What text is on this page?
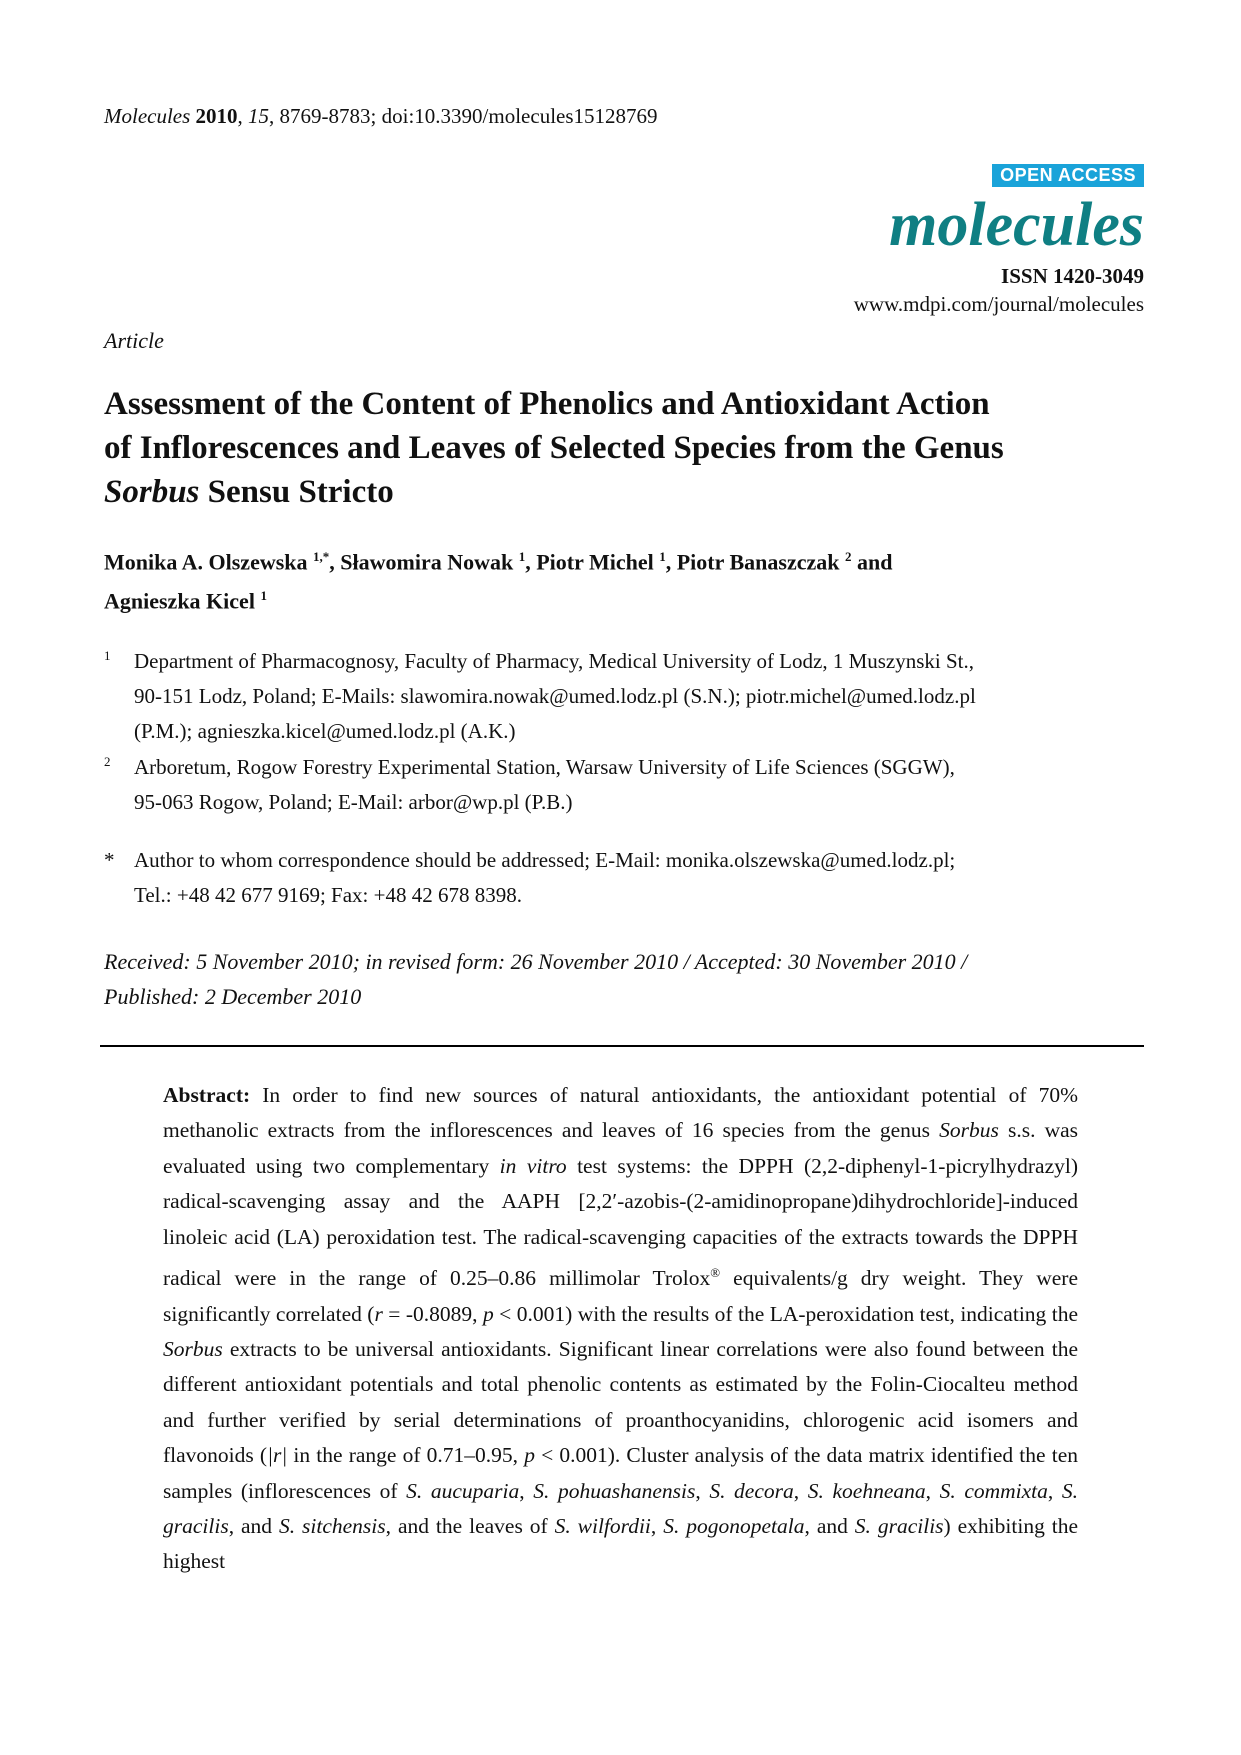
Molecules 2010, 15, 8769-8783; doi:10.3390/molecules15128769
OPEN ACCESS
molecules
ISSN 1420-3049
www.mdpi.com/journal/molecules
Article
Assessment of the Content of Phenolics and Antioxidant Action
of Inflorescences and Leaves of Selected Species from the Genus
Sorbus Sensu Stricto
Monika A. Olszewska $^{1,*}$, Sławomira Nowak $^1$, Piotr Michel $^1$, Piotr Banaszczak $^2$ and
Agnieszka Kicel $^1$
1 Department of Pharmacognosy, Faculty of Pharmacy, Medical University of Lodz, 1 Muszynski St.,
90-151 Lodz, Poland; E-Mails: slawomira.nowak@umed.lodz.pl (S.N.); piotr.michel@umed.lodz.pl
(P.M.); agnieszka.kicel@umed.lodz.pl (A.K.)
2 Arboretum, Rogow Forestry Experimental Station, Warsaw University of Life Sciences (SGGW),
95-063 Rogow, Poland; E-Mail: arbor@wp.pl (P.B.)
* Author to whom correspondence should be addressed; E-Mail: monika.olszewska@umed.lodz.pl;
Tel.: +48 42 677 9169; Fax: +48 42 678 8398.
Received: 5 November 2010; in revised form: 26 November 2010 / Accepted: 30 November 2010 /
Published: 2 December 2010
Abstract: In order to find new sources of natural antioxidants, the antioxidant potential of 70% methanolic extracts from the inflorescences and leaves of 16 species from the genus Sorbus s.s. was evaluated using two complementary in vitro test systems: the DPPH (2,2-diphenyl-1-picrylhydrazyl) radical-scavenging assay and the AAPH [2,2′-azobis-(2-amidinopropane)dihydrochloride]-induced linoleic acid (LA) peroxidation test. The radical-scavenging capacities of the extracts towards the DPPH radical were in the range of 0.25–0.86 millimolar Trolox® equivalents/g dry weight. They were significantly correlated (r = -0.8089, p < 0.001) with the results of the LA-peroxidation test, indicating the Sorbus extracts to be universal antioxidants. Significant linear correlations were also found between the different antioxidant potentials and total phenolic contents as estimated by the Folin-Ciocalteu method and further verified by serial determinations of proanthocyanidins, chlorogenic acid isomers and flavonoids (|r| in the range of 0.71–0.95, p < 0.001). Cluster analysis of the data matrix identified the ten samples (inflorescences of S. aucuparia, S. pohuashanensis, S. decora, S. koehneana, S. commixta, S. gracilis, and S. sitchensis, and the leaves of S. wilfordii, S. pogonopetala, and S. gracilis) exhibiting the highest
